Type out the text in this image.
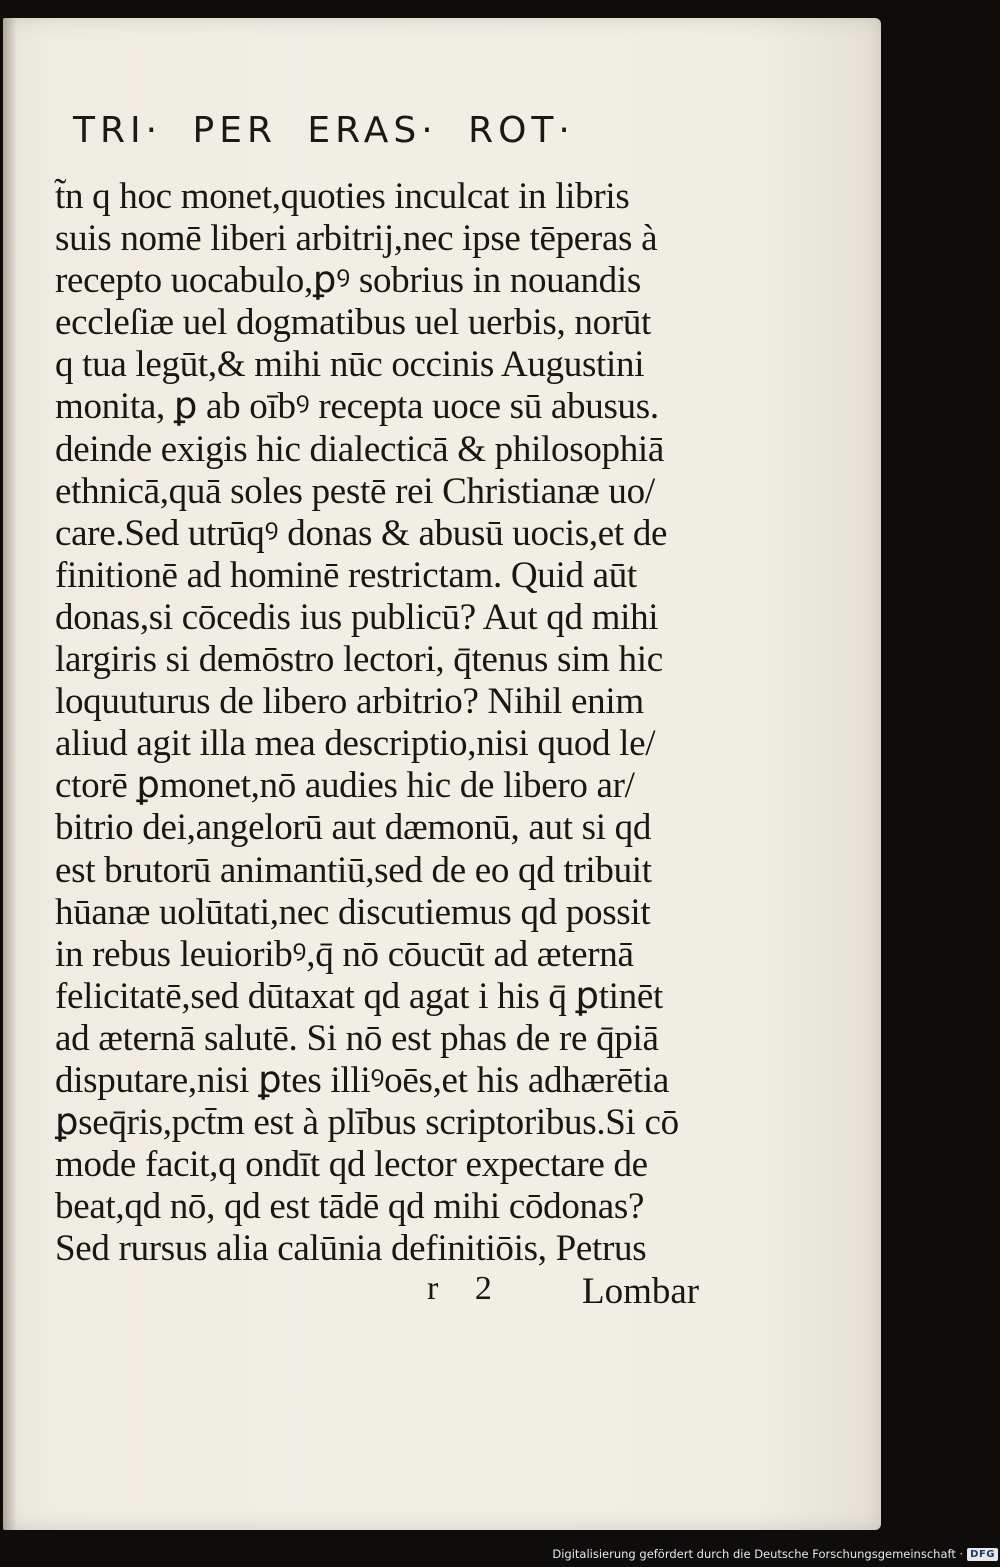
TRI· PER ERAS· ROT·
t̃n q hoc monet,quoties inculcat in libris
suis nomē liberi arbitrij,nec ipse tēperas à
recepto uocabulo,ꝑꝰ sobrius in nouandis
eccleſiæ uel dogmatibus uel uerbis, norūt
q tua legūt,& mihi nūc occinis Augustini
monita, ꝑ ab oībꝰ recepta uoce sū abusus.
deinde exigis hic dialecticā & philosophiā
ethnicā,quā soles pestē rei Christianæ uo/
care.Sed utrūqꝰ donas & abusū uocis,et de
finitionē ad hominē restrictam. Quid aūt
donas,si cōcedis ius publicū? Aut qd mihi
largiris si demōstro lectori, q̄tenus sim hic
loquuturus de libero arbitrio? Nihil enim
aliud agit illa mea descriptio,nisi quod le/
ctorē ꝑmonet,nō audies hic de libero ar/
bitrio dei,angelorū aut dæmonū, aut si qd
est brutorū animantiū,sed de eo qd tribuit
hūanæ uolūtati,nec discutiemus qd possit
in rebus leuioribꝰ,q̄ nō cōucūt ad æternā
felicitatē,sed dūtaxat qd agat i his q̄ ꝑtinēt
ad æternā salutē. Si nō est phas de re q̄piā
disputare,nisi ꝑtes illiꝰoēs,et his adhærētia
ꝑseq̄ris,pct̄m est à plībus scriptoribus.Si cō
mode facit,q ondīt qd lector expectare de
beat,qd nō, qd est tādē qd mihi cōdonas?
Sed rursus alia calūnia definitiōis, Petrus
r 2 Lombar
Digitalisierung gefördert durch die Deutsche Forschungsgemeinschaft · DFG
